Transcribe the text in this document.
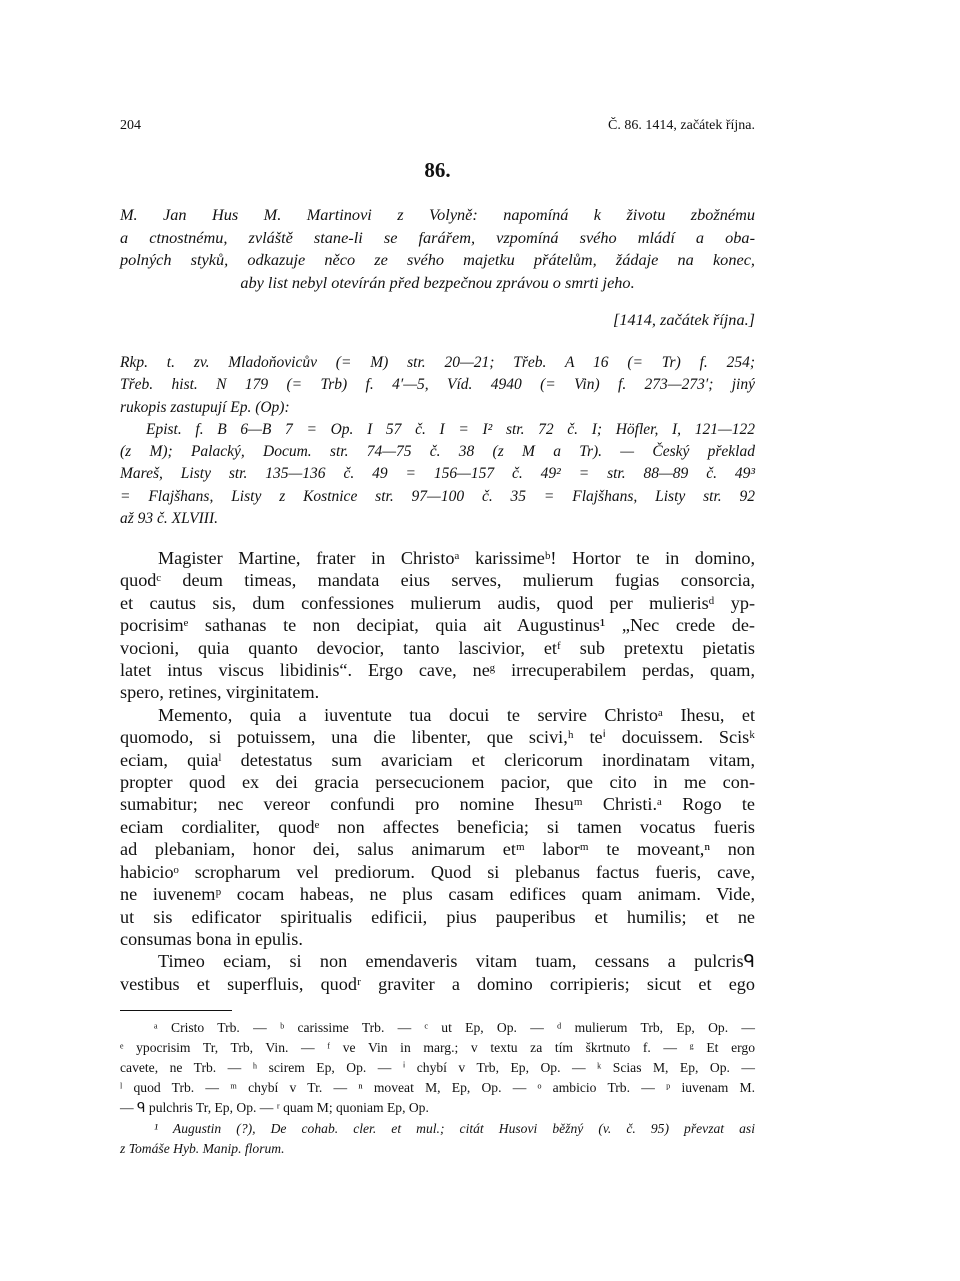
204	Č. 86. 1414, začátek října.
86.
M. Jan Hus M. Martinovi z Volyně: napomíná k životu zbožnému
a ctnostnému, zvláště stane-li se farářem, vzpomíná svého mládí a oba-
polných styků, odkazuje něco ze svého majetku přátelům, žádaje na konec,
aby list nebyl otevírán před bezpečnou zprávou o smrti jeho.
[1414, začátek října.]
Rkp. t. zv. Mladoňovicův (= M) str. 20—21; Třeb. A 16 (= Tr) f. 254;
Třeb. hist. N 179 (= Trb) f. 4′—5, Víd. 4940 (= Vin) f. 273—273′; jiný
rukopis zastupují Ep. (Op):
Epist. f. B 6—B 7 = Op. I 57 č. I = I² str. 72 č. I; Höfler, I, 121—122
(z M); Palacký, Docum. str. 74—75 č. 38 (z M a Tr). — Český překlad
Mareš, Listy str. 135—136 č. 49 = 156—157 č. 49² = str. 88—89 č. 49³
= Flajšhans, Listy z Kostnice str. 97—100 č. 35 = Flajšhans, Listy str. 92
až 93 č. XLVIII.
Magister Martine, frater in Christoᵃ karissimeᵇ! Hortor te in domino,
quodᶜ deum timeas, mandata eius serves, mulierum fugias consorcia,
et cautus sis, dum confessiones mulierum audis, quod per mulierisᵈ yp-
pocrisimᵉ sathanas te non decipiat, quia ait Augustinus¹ „Nec crede de-
vocioni, quia quanto devocior, tanto lascivior, etᶠ sub pretextu pietatis
latet intus viscus libidinis“. Ergo cave, neᵍ irrecuperabilem perdas, quam,
spero, retines, virginitatem.
Memento, quia a iuventute tua docui te servire Christoᵃ Ihesu, et
quomodo, si potuissem, una die libenter, que scivi,ʰ teⁱ docuissem. Scisᵏ
eciam, quiaˡ detestatus sum avariciam et clericorum inordinatam vitam,
propter quod ex dei gracia persecucionem pacior, que cito in me con-
sumabitur; nec vereor confundi pro nomine Ihesuᵐ Christi.ᵃ Rogo te
eciam cordialiter, quodᵉ non affectes beneficia; si tamen vocatus fueris
ad plebaniam, honor dei, salus animarum etᵐ laborᵐ te moveant,ⁿ non
habicioᵒ scropharum vel prediorum. Quod si plebanus factus fueris, cave,
ne iuvenemᵖ cocam habeas, ne plus casam edifices quam animam. Vide,
ut sis edificator spiritualis edificii, pius pauperibus et humilis; et ne
consumas bona in epulis.
Timeo eciam, si non emendaveris vitam tuam, cessans a pulcrisᑫ
vestibus et superfluis, quodʳ graviter a domino corripieris; sicut et ego
ᵃ Cristo Trb. — ᵇ carissime Trb. — ᶜ ut Ep, Op. — ᵈ mulierum Trb, Ep, Op. —
ᵉ ypocrisim Tr, Trb, Vin. — ᶠ ve Vin in marg.; v textu za tím škrtnuto f. — ᵍ Et ergo
cavete, ne Trb. — ʰ scirem Ep, Op. — ⁱ chybí v Trb, Ep, Op. — ᵏ Scias M, Ep, Op. —
ˡ quod Trb. — ᵐ chybí v Tr. — ⁿ moveat M, Ep, Op. — ᵒ ambicio Trb. — ᵖ iuvenam M.
— ᑫ pulchris Tr, Ep, Op. — ʳ quam M; quoniam Ep, Op.
¹ Augustin (?), De cohab. cler. et mul.; citát Husovi běžný (v. č. 95) převzat asi
z Tomáše Hyb. Manip. florum.
